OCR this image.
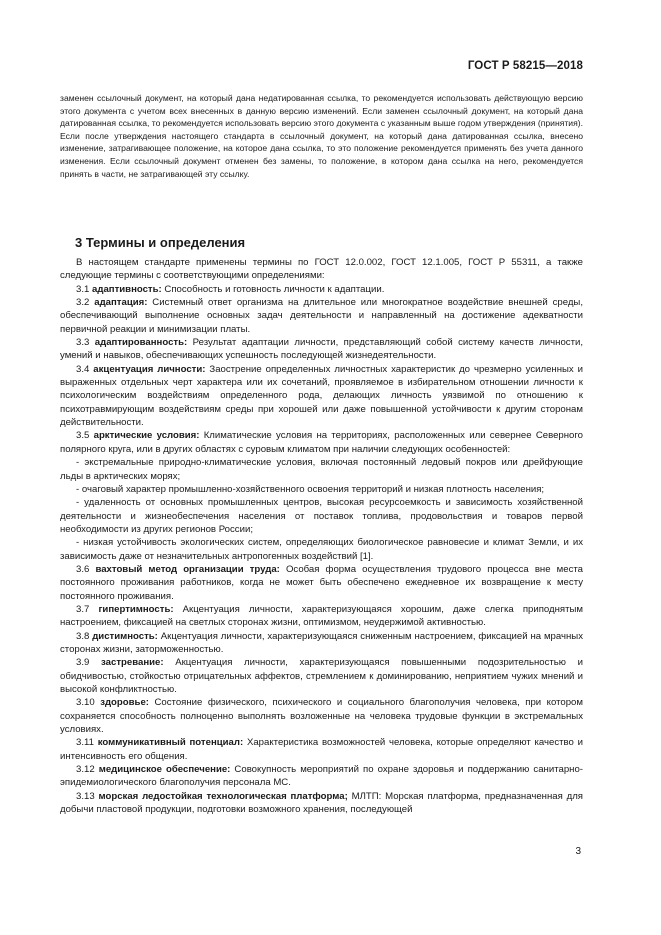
ГОСТ Р 58215—2018

заменен ссылочный документ, на который дана недатированная ссылка, то рекомендуется использовать действующую версию этого документа с учетом всех внесенных в данную версию изменений. Если заменен ссылочный документ, на который дана датированная ссылка, то рекомендуется использовать версию этого документа с указанным выше годом утверждения (принятия). Если после утверждения настоящего стандарта в ссылочный документ, на который дана датированная ссылка, внесено изменение, затрагивающее положение, на которое дана ссылка, то это положение рекомендуется применять без учета данного изменения. Если ссылочный документ отменен без замены, то положение, в котором дана ссылка на него, рекомендуется принять в части, не затрагивающей эту ссылку.

3 Термины и определения

В настоящем стандарте применены термины по ГОСТ 12.0.002, ГОСТ 12.1.005, ГОСТ Р 55311, а также следующие термины с соответствующими определениями:

3.1 адаптивность: Способность и готовность личности к адаптации.

3.2 адаптация: Системный ответ организма на длительное или многократное воздействие внешней среды, обеспечивающий выполнение основных задач деятельности и направленный на достижение адекватности первичной реакции и минимизации платы.

3.3 адаптированность: Результат адаптации личности, представляющий собой систему качеств личности, умений и навыков, обеспечивающих успешность последующей жизнедеятельности.

3.4 акцентуация личности: Заострение определенных личностных характеристик до чрезмерно усиленных и выраженных отдельных черт характера или их сочетаний, проявляемое в избирательном отношении личности к психологическим воздействиям определенного рода, делающих личность уязвимой по отношению к психотравмирующим воздействиям среды при хорошей или даже повышенной устойчивости к другим сторонам действительности.

3.5 арктические условия: Климатические условия на территориях, расположенных или севернее Северного полярного круга, или в других областях с суровым климатом при наличии следующих особенностей:

- экстремальные природно-климатические условия, включая постоянный ледовый покров или дрейфующие льды в арктических морях;

- очаговый характер промышленно-хозяйственного освоения территорий и низкая плотность населения;

- удаленность от основных промышленных центров, высокая ресурсоемкость и зависимость хозяйственной деятельности и жизнеобеспечения населения от поставок топлива, продовольствия и товаров первой необходимости из других регионов России;

- низкая устойчивость экологических систем, определяющих биологическое равновесие и климат Земли, и их зависимость даже от незначительных антропогенных воздействий [1].

3.6 вахтовый метод организации труда: Особая форма осуществления трудового процесса вне места постоянного проживания работников, когда не может быть обеспечено ежедневное их возвращение к месту постоянного проживания.

3.7 гипертимность: Акцентуация личности, характеризующаяся хорошим, даже слегка приподнятым настроением, фиксацией на светлых сторонах жизни, оптимизмом, неудержимой активностью.

3.8 дистимность: Акцентуация личности, характеризующаяся сниженным настроением, фиксацией на мрачных сторонах жизни, заторможенностью.

3.9 застревание: Акцентуация личности, характеризующаяся повышенными подозрительностью и обидчивостью, стойкостью отрицательных аффектов, стремлением к доминированию, неприятием чужих мнений и высокой конфликтностью.

3.10 здоровье: Состояние физического, психического и социального благополучия человека, при котором сохраняется способность полноценно выполнять возложенные на человека трудовые функции в экстремальных условиях.

3.11 коммуникативный потенциал: Характеристика возможностей человека, которые определяют качество и интенсивность его общения.

3.12 медицинское обеспечение: Совокупность мероприятий по охране здоровья и поддержанию санитарно-эпидемиологического благополучия персонала МС.

3.13 морская ледостойкая технологическая платформа; МЛТП: Морская платформа, предназначенная для добычи пластовой продукции, подготовки возможного хранения, последующей

3
